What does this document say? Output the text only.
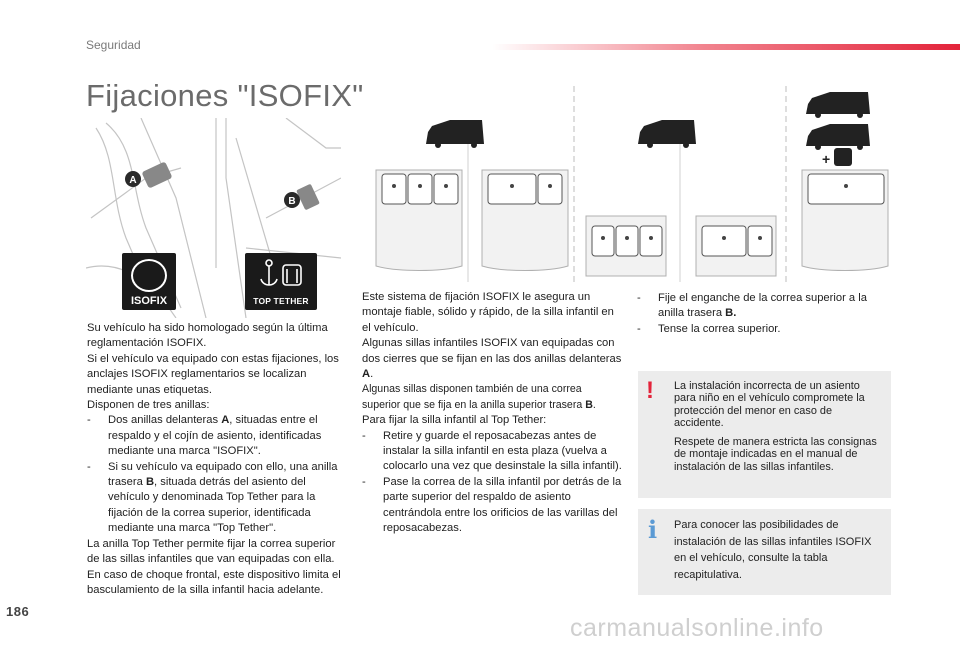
Seguridad
Fijaciones "ISOFIX"
A
B
ISOFIX	TOP TETHER
+

Su vehículo ha sido homologado según la última reglamentación ISOFIX.

Si el vehículo va equipado con estas fijaciones, los anclajes ISOFIX reglamentarios se localizan mediante unas etiquetas.

Disponen de tres anillas:

- Dos anillas delanteras A, situadas entre el respaldo y el cojín de asiento, identificadas mediante una marca "ISOFIX".
- Si su vehículo va equipado con ello, una anilla trasera B, situada detrás del asiento del vehículo y denominada Top Tether para la fijación de la correa superior, identificada mediante una marca "Top Tether".

La anilla Top Tether permite fijar la correa superior de las sillas infantiles que van equipadas con ella. En caso de choque frontal, este dispositivo limita el basculamiento de la silla infantil hacia adelante.

Este sistema de fijación ISOFIX le asegura un montaje fiable, sólido y rápido, de la silla infantil en el vehículo.

Algunas sillas infantiles ISOFIX van equipadas con dos cierres que se fijan en las dos anillas delanteras A.

Algunas sillas disponen también de una correa superior que se fija en la anilla superior trasera B.

Para fijar la silla infantil al Top Tether:

- Retire y guarde el reposacabezas antes de instalar la silla infantil en esta plaza (vuelva a colocarlo una vez que desinstale la silla infantil).
- Pase la correa de la silla infantil por detrás de la parte superior del respaldo de asiento centrándola entre los orificios de las varillas del reposacabezas.
- Fije el enganche de la correa superior a la anilla trasera B.
- Tense la correa superior.
! La instalación incorrecta de un asiento para niño en el vehículo compromete la protección del menor en caso de accidente.

Respete de manera estricta las consignas de montaje indicadas en el manual de instalación de las sillas infantiles.

i Para conocer las posibilidades de instalación de las sillas infantiles ISOFIX en el vehículo, consulte la tabla recapitulativa.

186
carmanualsonline.info
